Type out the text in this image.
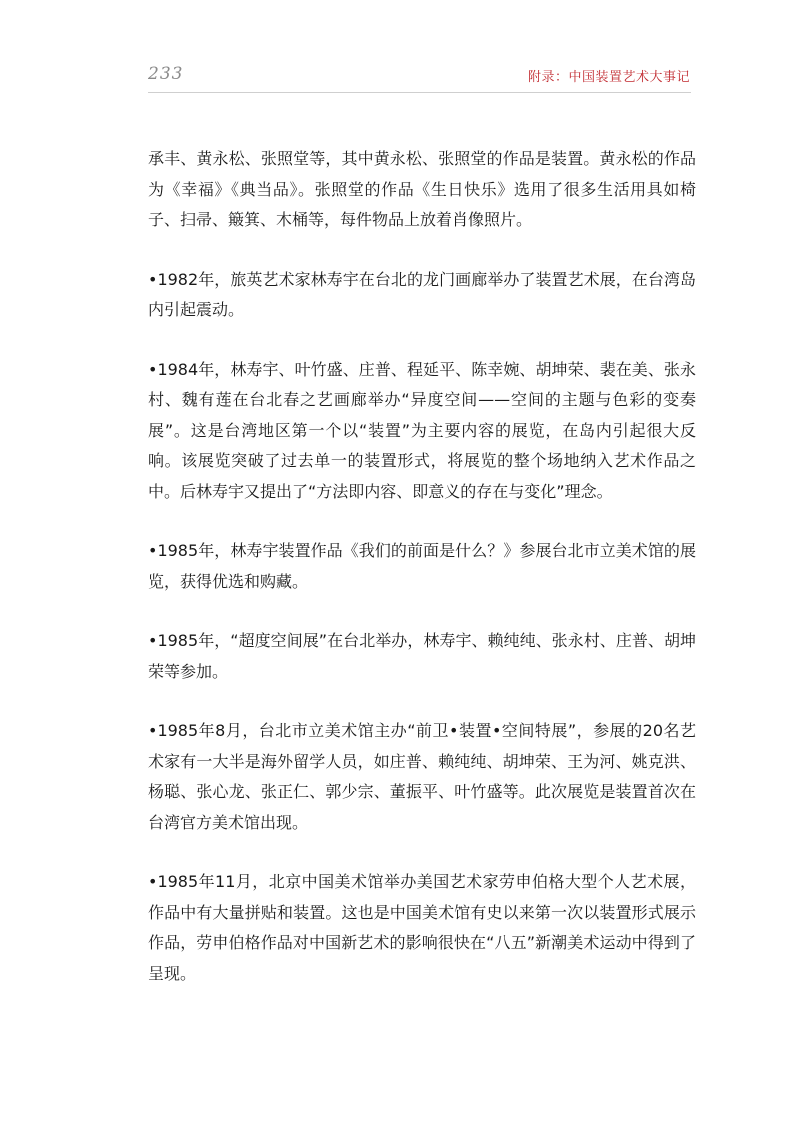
233	附录：中国装置艺术大事记

承丰、黄永松、张照堂等，其中黄永松、张照堂的作品是装置。黄永松的作品为《幸福》《典当品》。张照堂的作品《生日快乐》选用了很多生活用具如椅子、扫帚、簸箕、木桶等，每件物品上放着肖像照片。

•1982年，旅英艺术家林寿宇在台北的龙门画廊举办了装置艺术展，在台湾岛内引起震动。

•1984年，林寿宇、叶竹盛、庄普、程延平、陈幸婉、胡坤荣、裴在美、张永村、魏有莲在台北春之艺画廊举办“异度空间——空间的主题与色彩的变奏展”。这是台湾地区第一个以“装置”为主要内容的展览，在岛内引起很大反响。该展览突破了过去单一的装置形式，将展览的整个场地纳入艺术作品之中。后林寿宇又提出了“方法即内容、即意义的存在与变化”理念。

•1985年，林寿宇装置作品《我们的前面是什么？》参展台北市立美术馆的展览，获得优选和购藏。

•1985年，“超度空间展”在台北举办，林寿宇、赖纯纯、张永村、庄普、胡坤荣等参加。

•1985年8月，台北市立美术馆主办“前卫•装置•空间特展”，参展的20名艺术家有一大半是海外留学人员，如庄普、赖纯纯、胡坤荣、王为河、姚克洪、杨聪、张心龙、张正仁、郭少宗、董振平、叶竹盛等。此次展览是装置首次在台湾官方美术馆出现。

•1985年11月，北京中国美术馆举办美国艺术家劳申伯格大型个人艺术展，作品中有大量拼贴和装置。这也是中国美术馆有史以来第一次以装置形式展示作品，劳申伯格作品对中国新艺术的影响很快在“八五”新潮美术运动中得到了呈现。
